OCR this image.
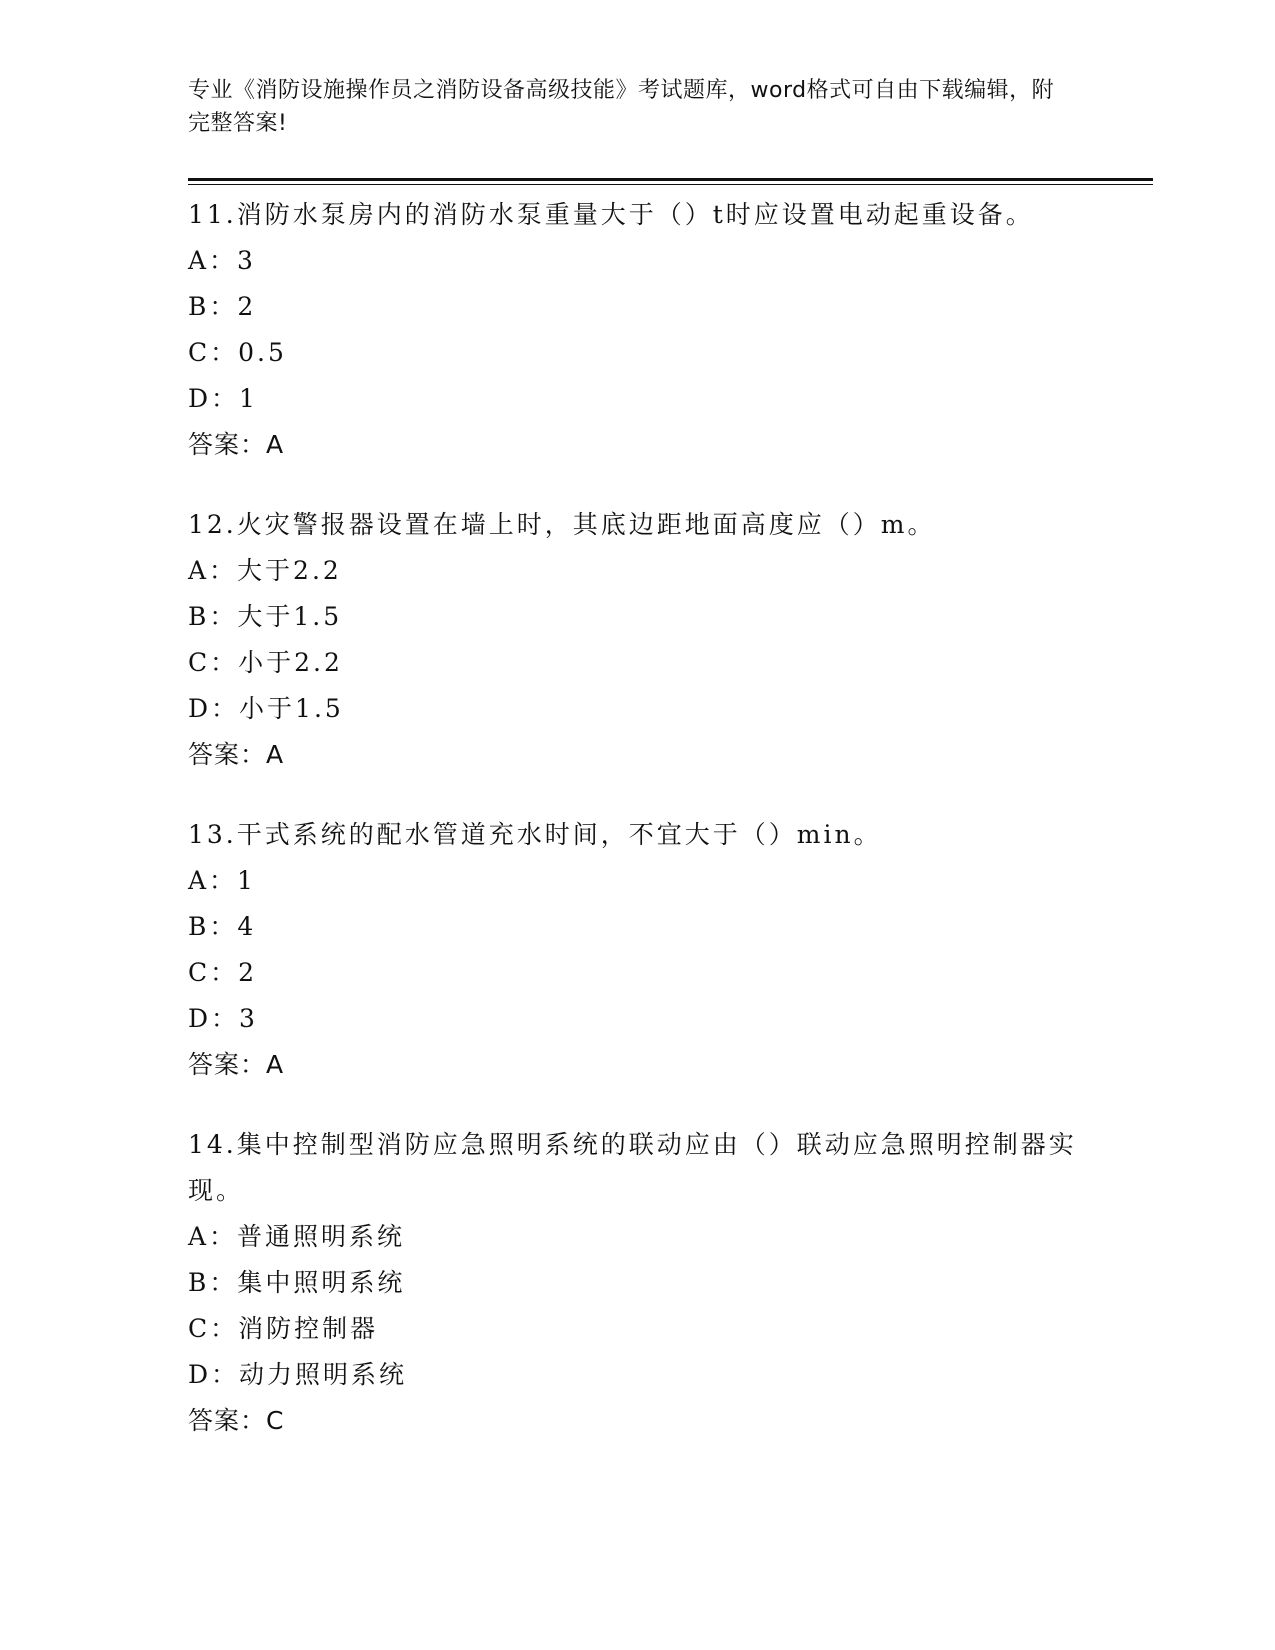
专业《消防设施操作员之消防设备高级技能》考试题库，word格式可自由下载编辑，附完整答案!
11.消防水泵房内的消防水泵重量大于（）t时应设置电动起重设备。
A：3
B：2
C：0.5
D：1
答案：A
12.火灾警报器设置在墙上时，其底边距地面高度应（）m。
A：大于2.2
B：大于1.5
C：小于2.2
D：小于1.5
答案：A
13.干式系统的配水管道充水时间，不宜大于（）min。
A：1
B：4
C：2
D：3
答案：A
14.集中控制型消防应急照明系统的联动应由（）联动应急照明控制器实现。
A：普通照明系统
B：集中照明系统
C：消防控制器
D：动力照明系统
答案：C
